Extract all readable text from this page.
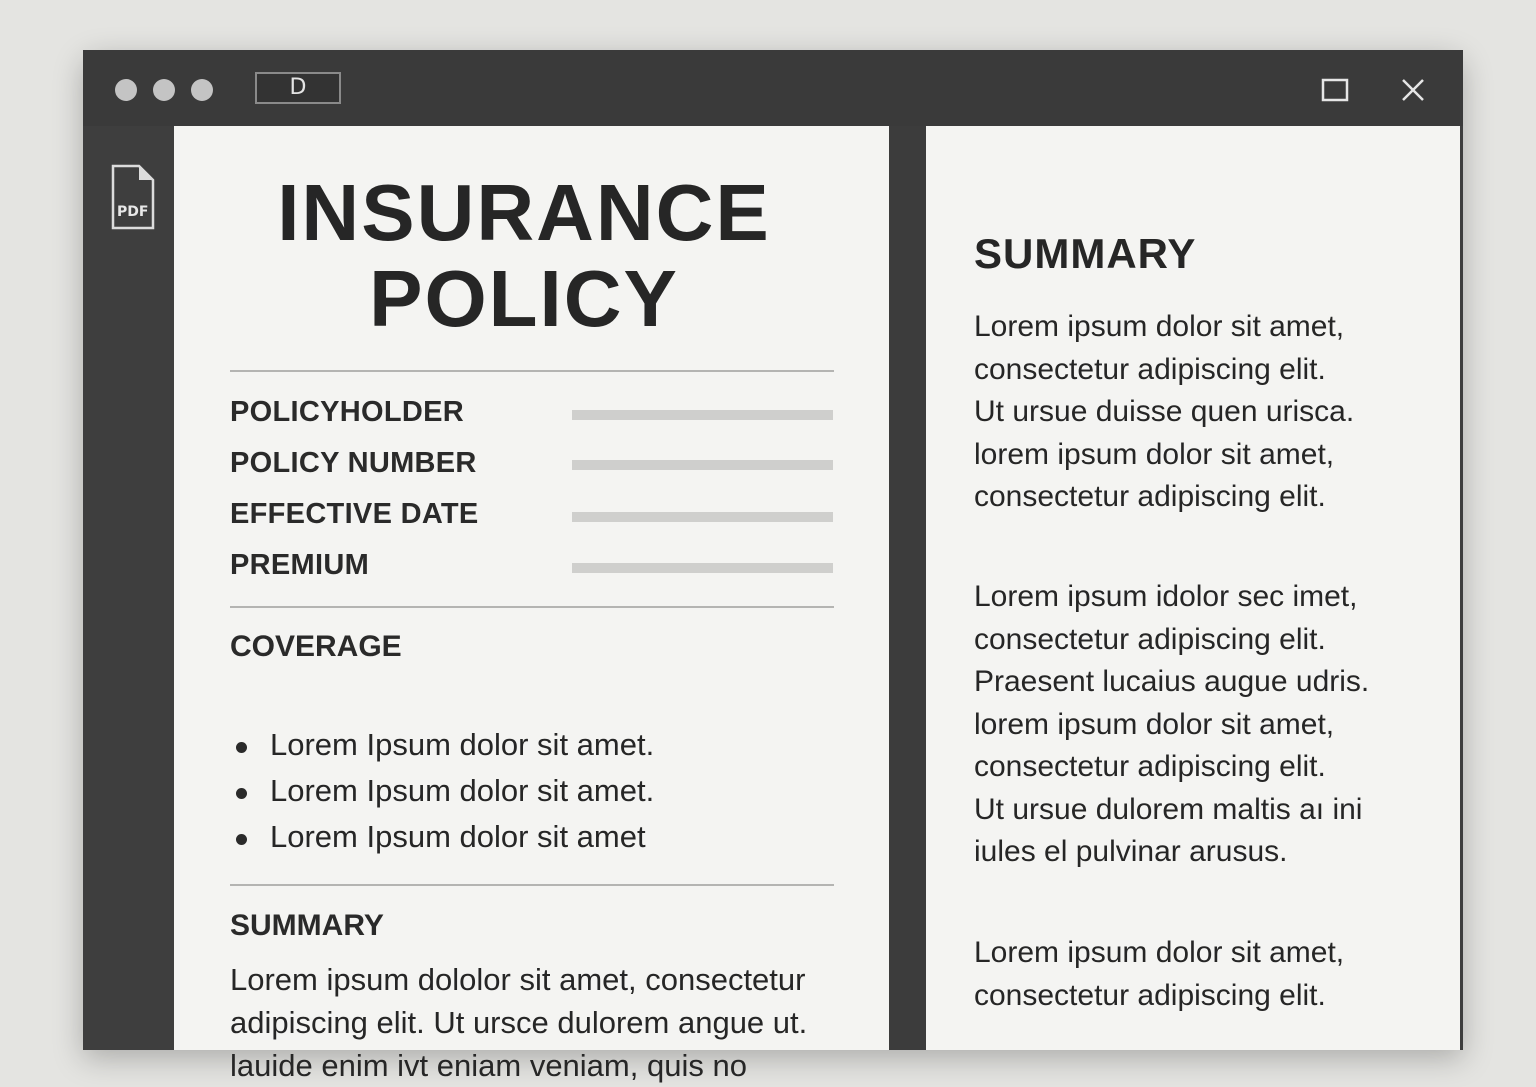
D
PDF	INSURANCE
POLICY
POLICYHOLDER
POLICY NUMBER
EFFECTIVE DATE
PREMIUM
COVERAGE
Lorem Ipsum dolor sit amet.
Lorem Ipsum dolor sit amet.
Lorem Ipsum dolor sit amet
SUMMARY
Lorem ipsum dololor sit amet, consectetur
adipiscing elit. Ut ursce dulorem angue ut.
lauide enim ivt eniam veniam, quis no
SUMMARY
Lorem ipsum dolor sit amet,
consectetur adipiscing elit.
Ut ursue duisse quen urisca.
lorem ipsum dolor sit amet,
consectetur adipiscing elit.
Lorem ipsum idolor sec imet,
consectetur adipiscing elit.
Praesent lucaius augue udris.
lorem ipsum dolor sit amet,
consectetur adipiscing elit.
Ut ursue dulorem maltis aı ini
iules el pulvinar arusus.
Lorem ipsum dolor sit amet,
consectetur adipiscing elit.
